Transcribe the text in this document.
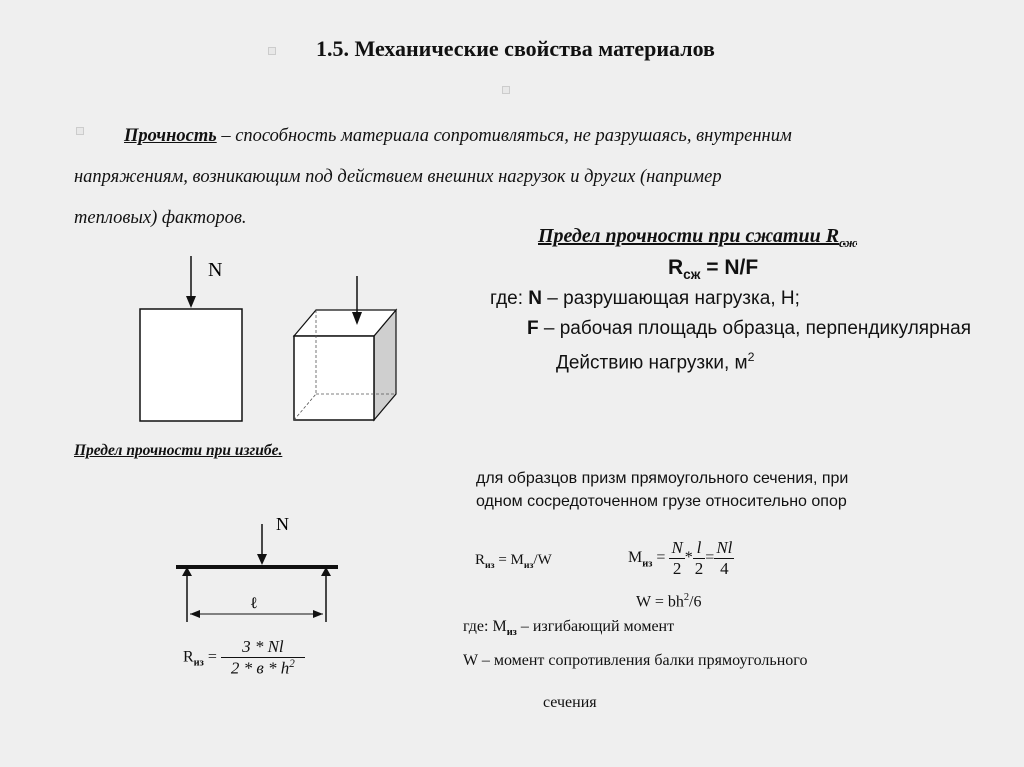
1.5. Механические свойства материалов
Прочность – способность материала сопротивляться, не разрушаясь, внутренним
напряжениям, возникающим под действием внешних нагрузок и других (например
тепловых) факторов.
N
Предел прочности при сжатии $R_{сж}$
$R_{сж} = N/F$
где: N – разрушающая нагрузка, Н;
F – рабочая площадь образца, перпендикулярная
Действию нагрузки, $м^2$
Предел прочности при изгибе.
для образцов призм прямоугольного сечения, при
одном сосредоточенном грузе относительно опор
N
ℓ
$R_{из} = \frac{3 * Nl}{2 * в * h^2}$
$R_{из} = M_{из}/W$	$M_{из} = \frac{N}{2} * \frac{l}{2} = \frac{Nl}{4}$
$W = bh^2/6$
где: $M_{из}$ – изгибающий момент
W – момент сопротивления балки прямоугольного
сечения
